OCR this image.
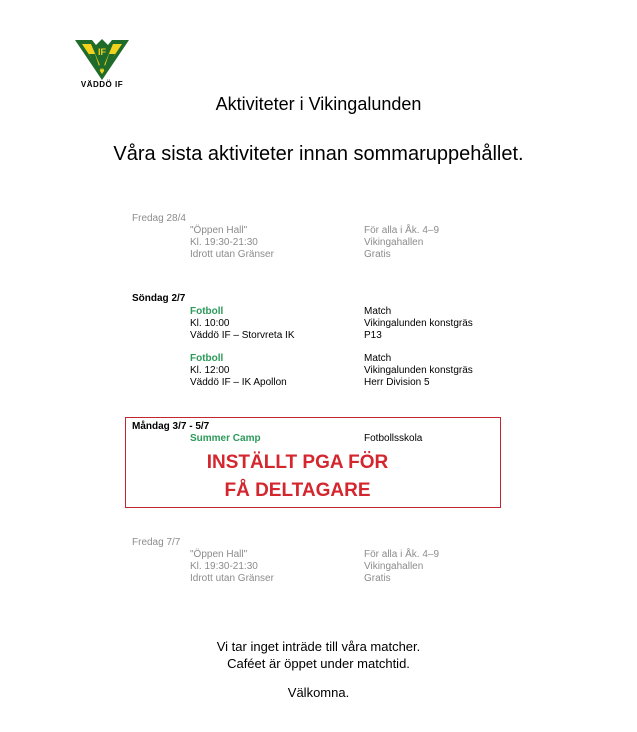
IF
VÄDDÖ IF
Aktiviteter i Vikingalunden
Våra sista aktiviteter innan sommaruppehållet.
Fredag 28/4
"Öppen Hall"
Kl. 19:30-21:30
Idrott utan Gränser
För alla i Åk. 4–9
Vikingahallen
Gratis
Söndag 2/7
Fotboll
Kl. 10:00
Väddö IF – Storvreta IK
Match
Vikingalunden konstgräs
P13
Fotboll
Kl. 12:00
Väddö IF – IK Apollon
Match
Vikingalunden konstgräs
Herr Division 5
Måndag 3/7 - 5/7
Summer Camp	Fotbollsskola
INSTÄLLT PGA FÖR
FÅ DELTAGARE
Fredag 7/7
"Öppen Hall"
Kl. 19:30-21:30
Idrott utan Gränser
För alla i Åk. 4–9
Vikingahallen
Gratis
Vi tar inget inträde till våra matcher.
Caféet är öppet under matchtid.
Välkomna.
